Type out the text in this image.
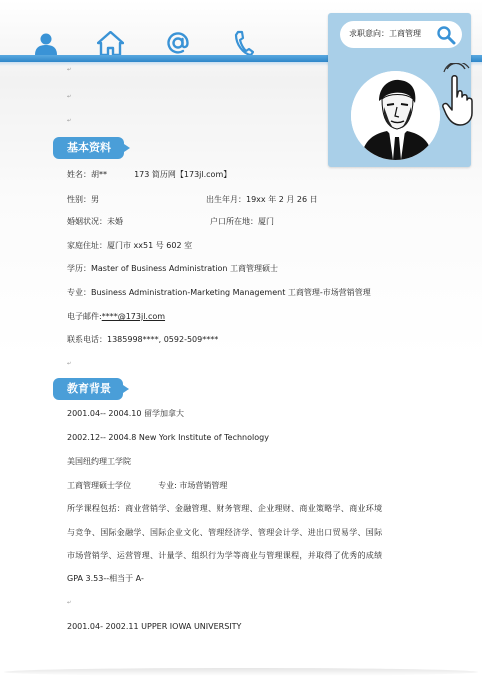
求职意向：工商管理
↵
↵
↵
基本资料
姓名：胡**	173 简历网【173jl.com】
性别：男	出生年月：19xx 年 2 月 26 日
婚姻状况：未婚	户口所在地：厦门
家庭住址：厦门市 xx51 号 602 室
学历：Master of Business Administration 工商管理硕士
专业：Business Administration-Marketing Management 工商管理-市场营销管理
电子邮件:****@173jl.com
联系电话：1385998****, 0592-509****
↵
教育背景
2001.04-- 2004.10 留学加拿大
2002.12-- 2004.8 New York Institute of Technology
美国纽约理工学院
工商管理硕士学位	专业: 市场营销管理
所学课程包括：商业营销学、金融管理、财务管理、企业理财、商业策略学、商业环境
与竞争、国际金融学、国际企业文化、管理经济学、管理会计学、进出口贸易学、国际
市场营销学、运营管理、计量学、组织行为学等商业与管理课程，并取得了优秀的成绩
GPA 3.53--相当于 A-
↵
2001.04- 2002.11 UPPER IOWA UNIVERSITY
